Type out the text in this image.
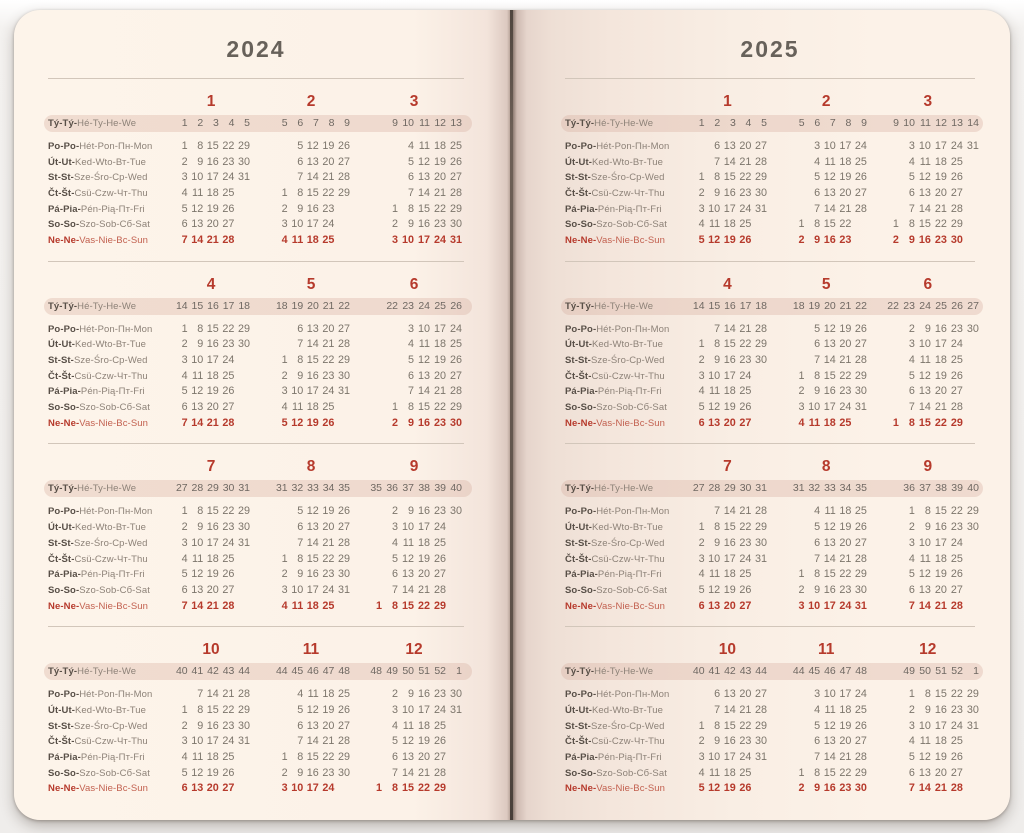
2024
1	2	3
Tý-Tý-Hé-Ty-Не-We	1 2 3 4 5	5 6 7 8 9	9 10 11 12 13
Po-Po-Hét-Pon-Пн-Mon	1 8 15 22 29	5 12 19 26	4 11 18 25
Út-Ut-Ked-Wto-Вт-Tue	2 9 16 23 30	6 13 20 27	5 12 19 26
St-St-Sze-Śro-Ср-Wed	3 10 17 24 31	7 14 21 28	6 13 20 27
Čt-Št-Csü-Czw-Чт-Thu	4 11 18 25	1 8 15 22 29	7 14 21 28
Pá-Pia-Pén-Pią-Пт-Fri	5 12 19 26	2 9 16 23	1 8 15 22 29
So-So-Szo-Sob-Сб-Sat	6 13 20 27	3 10 17 24	2 9 16 23 30
Ne-Ne-Vas-Nie-Вс-Sun	7 14 21 28	4 11 18 25	3 10 17 24 31
4	5	6
Tý-Tý-Hé-Ty-Не-We	14 15 16 17 18	18 19 20 21 22	22 23 24 25 26
Po-Po-Hét-Pon-Пн-Mon	1 8 15 22 29	6 13 20 27	3 10 17 24
Út-Ut-Ked-Wto-Вт-Tue	2 9 16 23 30	7 14 21 28	4 11 18 25
St-St-Sze-Śro-Ср-Wed	3 10 17 24	1 8 15 22 29	5 12 19 26
Čt-Št-Csü-Czw-Чт-Thu	4 11 18 25	2 9 16 23 30	6 13 20 27
Pá-Pia-Pén-Pią-Пт-Fri	5 12 19 26	3 10 17 24 31	7 14 21 28
So-So-Szo-Sob-Сб-Sat	6 13 20 27	4 11 18 25	1 8 15 22 29
Ne-Ne-Vas-Nie-Вс-Sun	7 14 21 28	5 12 19 26	2 9 16 23 30
7	8	9
Tý-Tý-Hé-Ty-Не-We	27 28 29 30 31	31 32 33 34 35	35 36 37 38 39 40
Po-Po-Hét-Pon-Пн-Mon	1 8 15 22 29	5 12 19 26	2 9 16 23 30
Út-Ut-Ked-Wto-Вт-Tue	2 9 16 23 30	6 13 20 27	3 10 17 24
St-St-Sze-Śro-Ср-Wed	3 10 17 24 31	7 14 21 28	4 11 18 25
Čt-Št-Csü-Czw-Чт-Thu	4 11 18 25	1 8 15 22 29	5 12 19 26
Pá-Pia-Pén-Pią-Пт-Fri	5 12 19 26	2 9 16 23 30	6 13 20 27
So-So-Szo-Sob-Сб-Sat	6 13 20 27	3 10 17 24 31	7 14 21 28
Ne-Ne-Vas-Nie-Вс-Sun	7 14 21 28	4 11 18 25	1 8 15 22 29
10	11	12
Tý-Tý-Hé-Ty-Не-We	40 41 42 43 44	44 45 46 47 48	48 49 50 51 52 1
Po-Po-Hét-Pon-Пн-Mon	7 14 21 28	4 11 18 25	2 9 16 23 30
Út-Ut-Ked-Wto-Вт-Tue	1 8 15 22 29	5 12 19 26	3 10 17 24 31
St-St-Sze-Śro-Ср-Wed	2 9 16 23 30	6 13 20 27	4 11 18 25
Čt-Št-Csü-Czw-Чт-Thu	3 10 17 24 31	7 14 21 28	5 12 19 26
Pá-Pia-Pén-Pią-Пт-Fri	4 11 18 25	1 8 15 22 29	6 13 20 27
So-So-Szo-Sob-Сб-Sat	5 12 19 26	2 9 16 23 30	7 14 21 28
Ne-Ne-Vas-Nie-Вс-Sun	6 13 20 27	3 10 17 24	1 8 15 22 29
2025
1	2	3
Tý-Tý-Hé-Ty-Не-We	1 2 3 4 5	5 6 7 8 9	9 10 11 12 13 14
Po-Po-Hét-Pon-Пн-Mon	6 13 20 27	3 10 17 24	3 10 17 24 31
Út-Ut-Ked-Wto-Вт-Tue	7 14 21 28	4 11 18 25	4 11 18 25
St-St-Sze-Śro-Ср-Wed	1 8 15 22 29	5 12 19 26	5 12 19 26
Čt-Št-Csü-Czw-Чт-Thu	2 9 16 23 30	6 13 20 27	6 13 20 27
Pá-Pia-Pén-Pią-Пт-Fri	3 10 17 24 31	7 14 21 28	7 14 21 28
So-So-Szo-Sob-Сб-Sat	4 11 18 25	1 8 15 22	1 8 15 22 29
Ne-Ne-Vas-Nie-Вс-Sun	5 12 19 26	2 9 16 23	2 9 16 23 30
4	5	6
Tý-Tý-Hé-Ty-Не-We	14 15 16 17 18	18 19 20 21 22	22 23 24 25 26 27
Po-Po-Hét-Pon-Пн-Mon	7 14 21 28	5 12 19 26	2 9 16 23 30
Út-Ut-Ked-Wto-Вт-Tue	1 8 15 22 29	6 13 20 27	3 10 17 24
St-St-Sze-Śro-Ср-Wed	2 9 16 23 30	7 14 21 28	4 11 18 25
Čt-Št-Csü-Czw-Чт-Thu	3 10 17 24	1 8 15 22 29	5 12 19 26
Pá-Pia-Pén-Pią-Пт-Fri	4 11 18 25	2 9 16 23 30	6 13 20 27
So-So-Szo-Sob-Сб-Sat	5 12 19 26	3 10 17 24 31	7 14 21 28
Ne-Ne-Vas-Nie-Вс-Sun	6 13 20 27	4 11 18 25	1 8 15 22 29
7	8	9
Tý-Tý-Hé-Ty-Не-We	27 28 29 30 31	31 32 33 34 35	36 37 38 39 40
Po-Po-Hét-Pon-Пн-Mon	7 14 21 28	4 11 18 25	1 8 15 22 29
Út-Ut-Ked-Wto-Вт-Tue	1 8 15 22 29	5 12 19 26	2 9 16 23 30
St-St-Sze-Śro-Ср-Wed	2 9 16 23 30	6 13 20 27	3 10 17 24
Čt-Št-Csü-Czw-Чт-Thu	3 10 17 24 31	7 14 21 28	4 11 18 25
Pá-Pia-Pén-Pią-Пт-Fri	4 11 18 25	1 8 15 22 29	5 12 19 26
So-So-Szo-Sob-Сб-Sat	5 12 19 26	2 9 16 23 30	6 13 20 27
Ne-Ne-Vas-Nie-Вс-Sun	6 13 20 27	3 10 17 24 31	7 14 21 28
10	11	12
Tý-Tý-Hé-Ty-Не-We	40 41 42 43 44	44 45 46 47 48	49 50 51 52 1
Po-Po-Hét-Pon-Пн-Mon	6 13 20 27	3 10 17 24	1 8 15 22 29
Út-Ut-Ked-Wto-Вт-Tue	7 14 21 28	4 11 18 25	2 9 16 23 30
St-St-Sze-Śro-Ср-Wed	1 8 15 22 29	5 12 19 26	3 10 17 24 31
Čt-Št-Csü-Czw-Чт-Thu	2 9 16 23 30	6 13 20 27	4 11 18 25
Pá-Pia-Pén-Pią-Пт-Fri	3 10 17 24 31	7 14 21 28	5 12 19 26
So-So-Szo-Sob-Сб-Sat	4 11 18 25	1 8 15 22 29	6 13 20 27
Ne-Ne-Vas-Nie-Вс-Sun	5 12 19 26	2 9 16 23 30	7 14 21 28
